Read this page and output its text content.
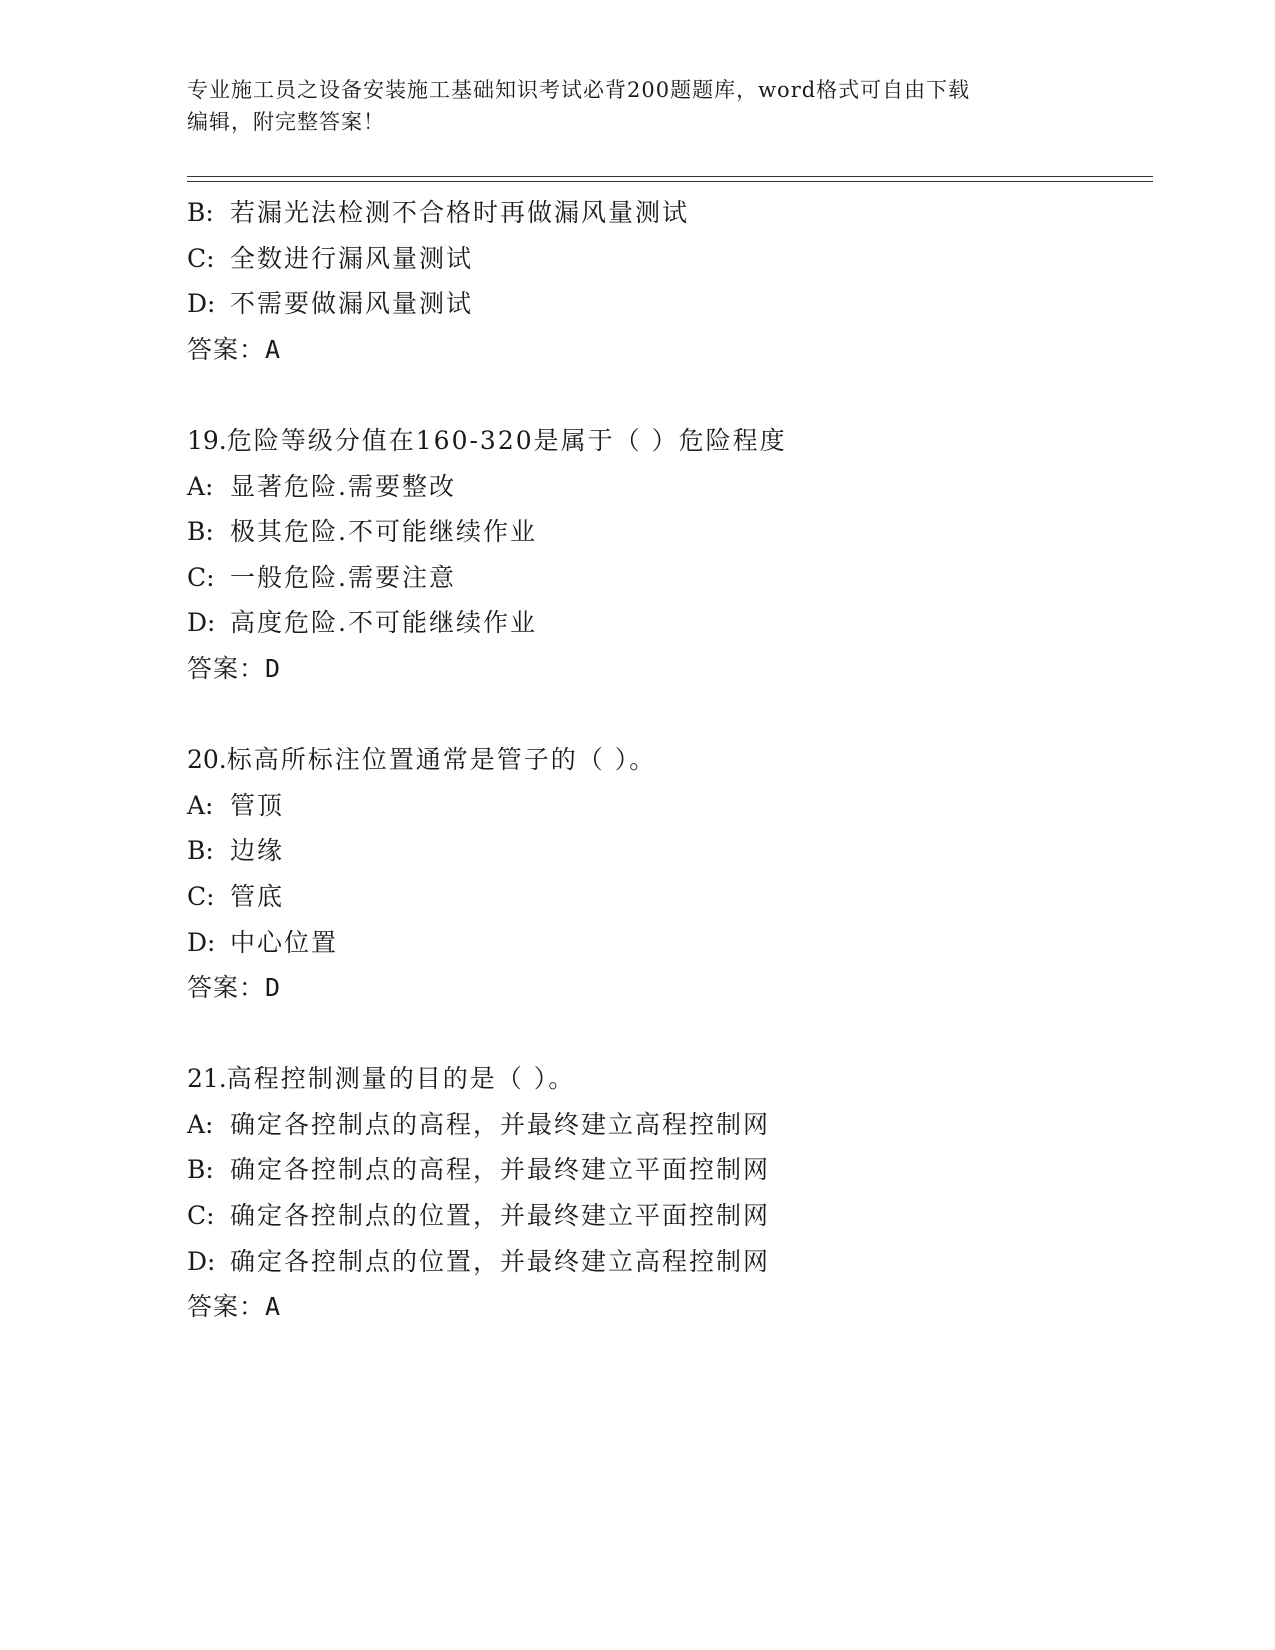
专业施工员之设备安装施工基础知识考试必背200题题库，word格式可自由下载
编辑，附完整答案！
B: 若漏光法检测不合格时再做漏风量测试
C: 全数进行漏风量测试
D: 不需要做漏风量测试
答案：A
19.危险等级分值在160-320是属于（ ）危险程度
A: 显著危险.需要整改
B: 极其危险.不可能继续作业
C: 一般危险.需要注意
D: 高度危险.不可能继续作业
答案：D
20.标高所标注位置通常是管子的（ ）。
A: 管顶
B: 边缘
C: 管底
D: 中心位置
答案：D
21.高程控制测量的目的是（ ）。
A: 确定各控制点的高程，并最终建立高程控制网
B: 确定各控制点的高程，并最终建立平面控制网
C: 确定各控制点的位置，并最终建立平面控制网
D: 确定各控制点的位置，并最终建立高程控制网
答案：A
